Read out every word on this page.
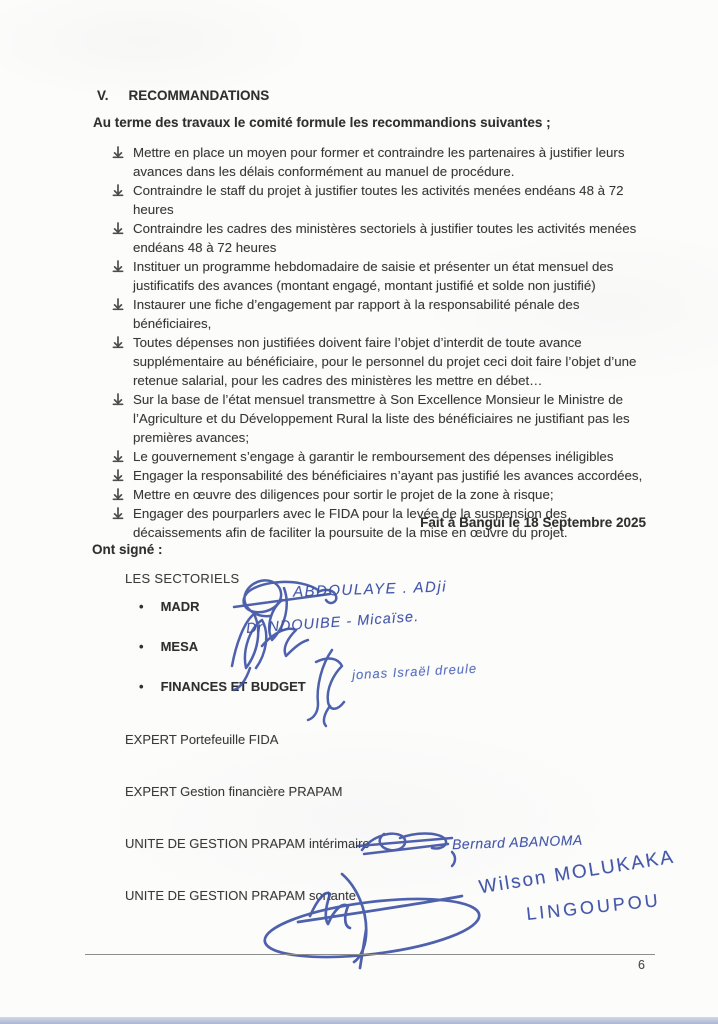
V. RECOMMANDATIONS
Au terme des travaux le comité formule les recommandions suivantes ;
Mettre en place un moyen pour former et contraindre les partenaires à justifier leurs avances dans les délais conformément au manuel de procédure.
Contraindre le staff du projet à justifier toutes les activités menées endéans 48 à 72 heures
Contraindre les cadres des ministères sectoriels à justifier toutes les activités menées endéans 48 à 72 heures
Instituer un programme hebdomadaire de saisie et présenter un état mensuel des justificatifs des avances (montant engagé, montant justifié et solde non justifié)
Instaurer une fiche d’engagement par rapport à la responsabilité pénale des bénéficiaires,
Toutes dépenses non justifiées doivent faire l’objet d’interdit de toute avance supplémentaire au bénéficiaire, pour le personnel du projet ceci doit faire l’objet d’une retenue salarial, pour les cadres des ministères les mettre en débet…
Sur la base de l’état mensuel transmettre à Son Excellence Monsieur le Ministre de l’Agriculture et du Développement Rural la liste des bénéficiaires ne justifiant pas les premières avances;
Le gouvernement s’engage à garantir le remboursement des dépenses inéligibles
Engager la responsabilité des bénéficiaires n’ayant pas justifié les avances accordées,
Mettre en œuvre des diligences pour sortir le projet de la zone à risque;
Engager des pourparlers avec le FIDA pour la levée de la suspension des décaissements afin de faciliter la poursuite de la mise en œuvre du projet.
Fait à Bangui le 18 Septembre 2025
Ont signé :
LES SECTORIELS
• MADR
• MESA
• FINANCES ET BUDGET
EXPERT Portefeuille FIDA
EXPERT Gestion financière PRAPAM
UNITE DE GESTION PRAPAM intérimaire
UNITE DE GESTION PRAPAM sortante
ABDOULAYE . ADji
Dr NDOUIBE - Micaïse.
jonas Israël dreule
Bernard ABANOMA
Wilson MOLUKAKA
LINGOUPOU
6
